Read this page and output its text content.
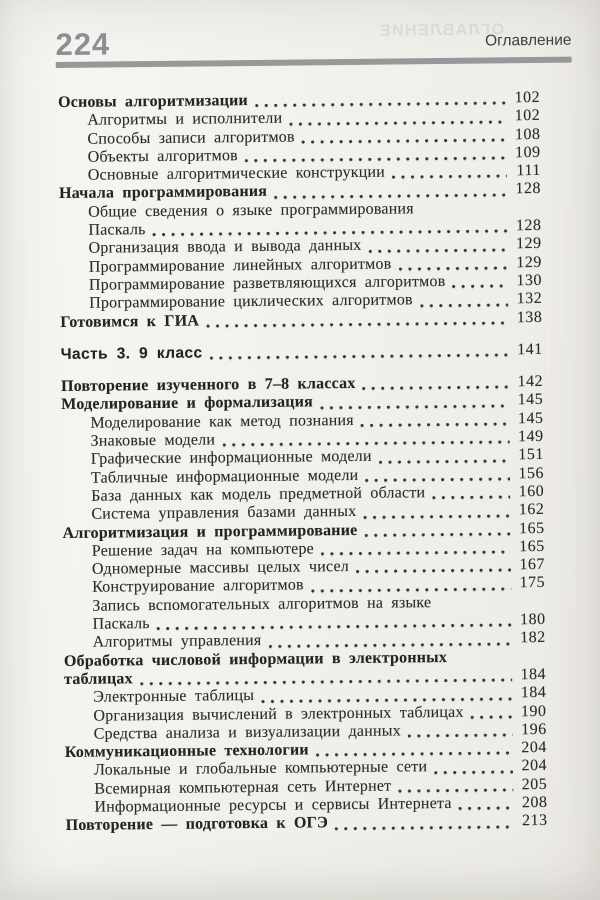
ОГЛАВЛЕНИЕ
224	Оглавление
Основы алгоритмизации	102
Алгоритмы и исполнители	102
Способы записи алгоритмов	108
Объекты алгоритмов	109
Основные алгоритмические конструкции	111
Начала программирования	128
Общие сведения о языке программирования
Паскаль	128
Организация ввода и вывода данных	129
Программирование линейных алгоритмов	129
Программирование разветвляющихся алгоритмов	130
Программирование циклических алгоритмов	132
Готовимся к ГИА	138
Часть 3. 9 класс	141
Повторение изученного в 7–8 классах	142
Моделирование и формализация	145
Моделирование как метод познания	145
Знаковые модели	149
Графические информационные модели	151
Табличные информационные модели	156
База данных как модель предметной области	160
Система управления базами данных	162
Алгоритмизация и программирование	165
Решение задач на компьютере	165
Одномерные массивы целых чисел	167
Конструирование алгоритмов	175
Запись вспомогательных алгоритмов на языке
Паскаль	180
Алгоритмы управления	182
Обработка числовой информации в электронных
таблицах	184
Электронные таблицы	184
Организация вычислений в электронных таблицах	190
Средства анализа и визуализации данных	196
Коммуникационные технологии	204
Локальные и глобальные компьютерные сети	204
Всемирная компьютерная сеть Интернет	205
Информационные ресурсы и сервисы Интернета	208
Повторение — подготовка к ОГЭ	213
